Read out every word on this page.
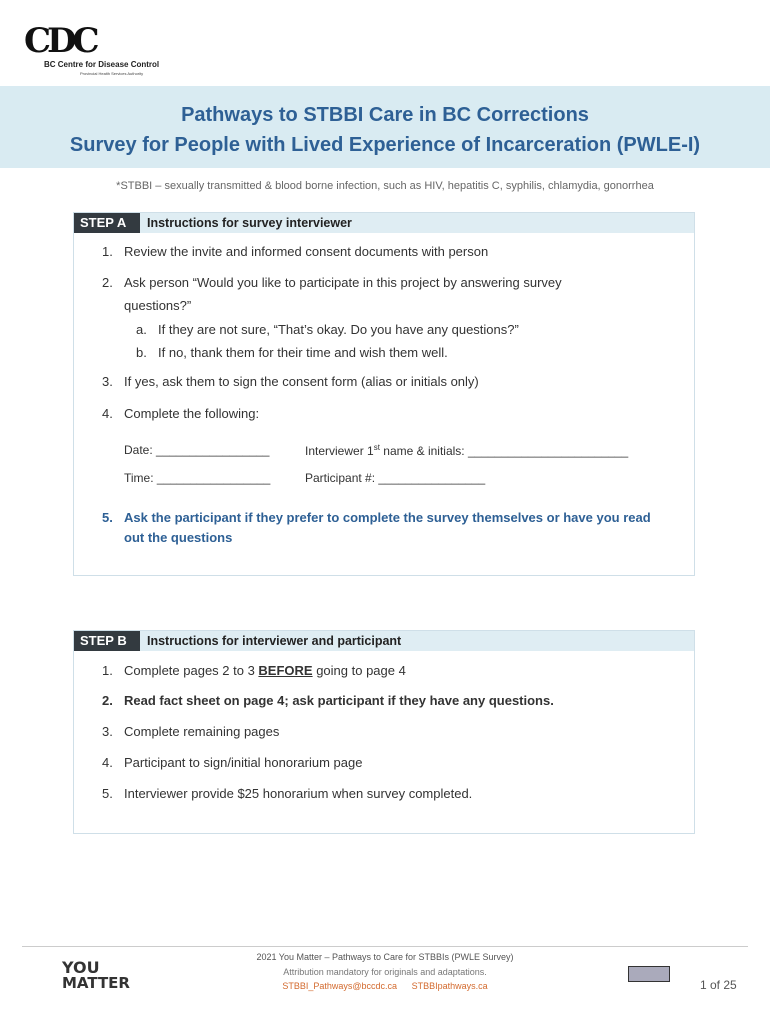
CDC
BC Centre for Disease Control
Provincial Health Services Authority
Pathways to STBBI Care in BC Corrections
Survey for People with Lived Experience of Incarceration (PWLE-I)
*STBBI – sexually transmitted & blood borne infection, such as HIV, hepatitis C, syphilis, chlamydia, gonorrhea
STEP A	Instructions for survey interviewer
1. Review the invite and informed consent documents with person
2. Ask person “Would you like to participate in this project by answering survey
questions?”
a. If they are not sure, “That’s okay. Do you have any questions?”
b. If no, thank them for their time and wish them well.
3. If yes, ask them to sign the consent form (alias or initials only)
4. Complete the following:
Date: _________________	Interviewer 1st name & initials: ________________________
Time: _________________	Participant #: ________________
5. Ask the participant if they prefer to complete the survey themselves or have you read
out the questions
STEP B	Instructions for interviewer and participant
1. Complete pages 2 to 3 BEFORE going to page 4
2. Read fact sheet on page 4; ask participant if they have any questions.
3. Complete remaining pages
4. Participant to sign/initial honorarium page
5. Interviewer provide $25 honorarium when survey completed.
YOU
MATTER
2021 You Matter – Pathways to Care for STBBIs (PWLE Survey)
Attribution mandatory for originals and adaptations.
STBBI_Pathways@bccdc.ca STBBIpathways.ca	1 of 25
